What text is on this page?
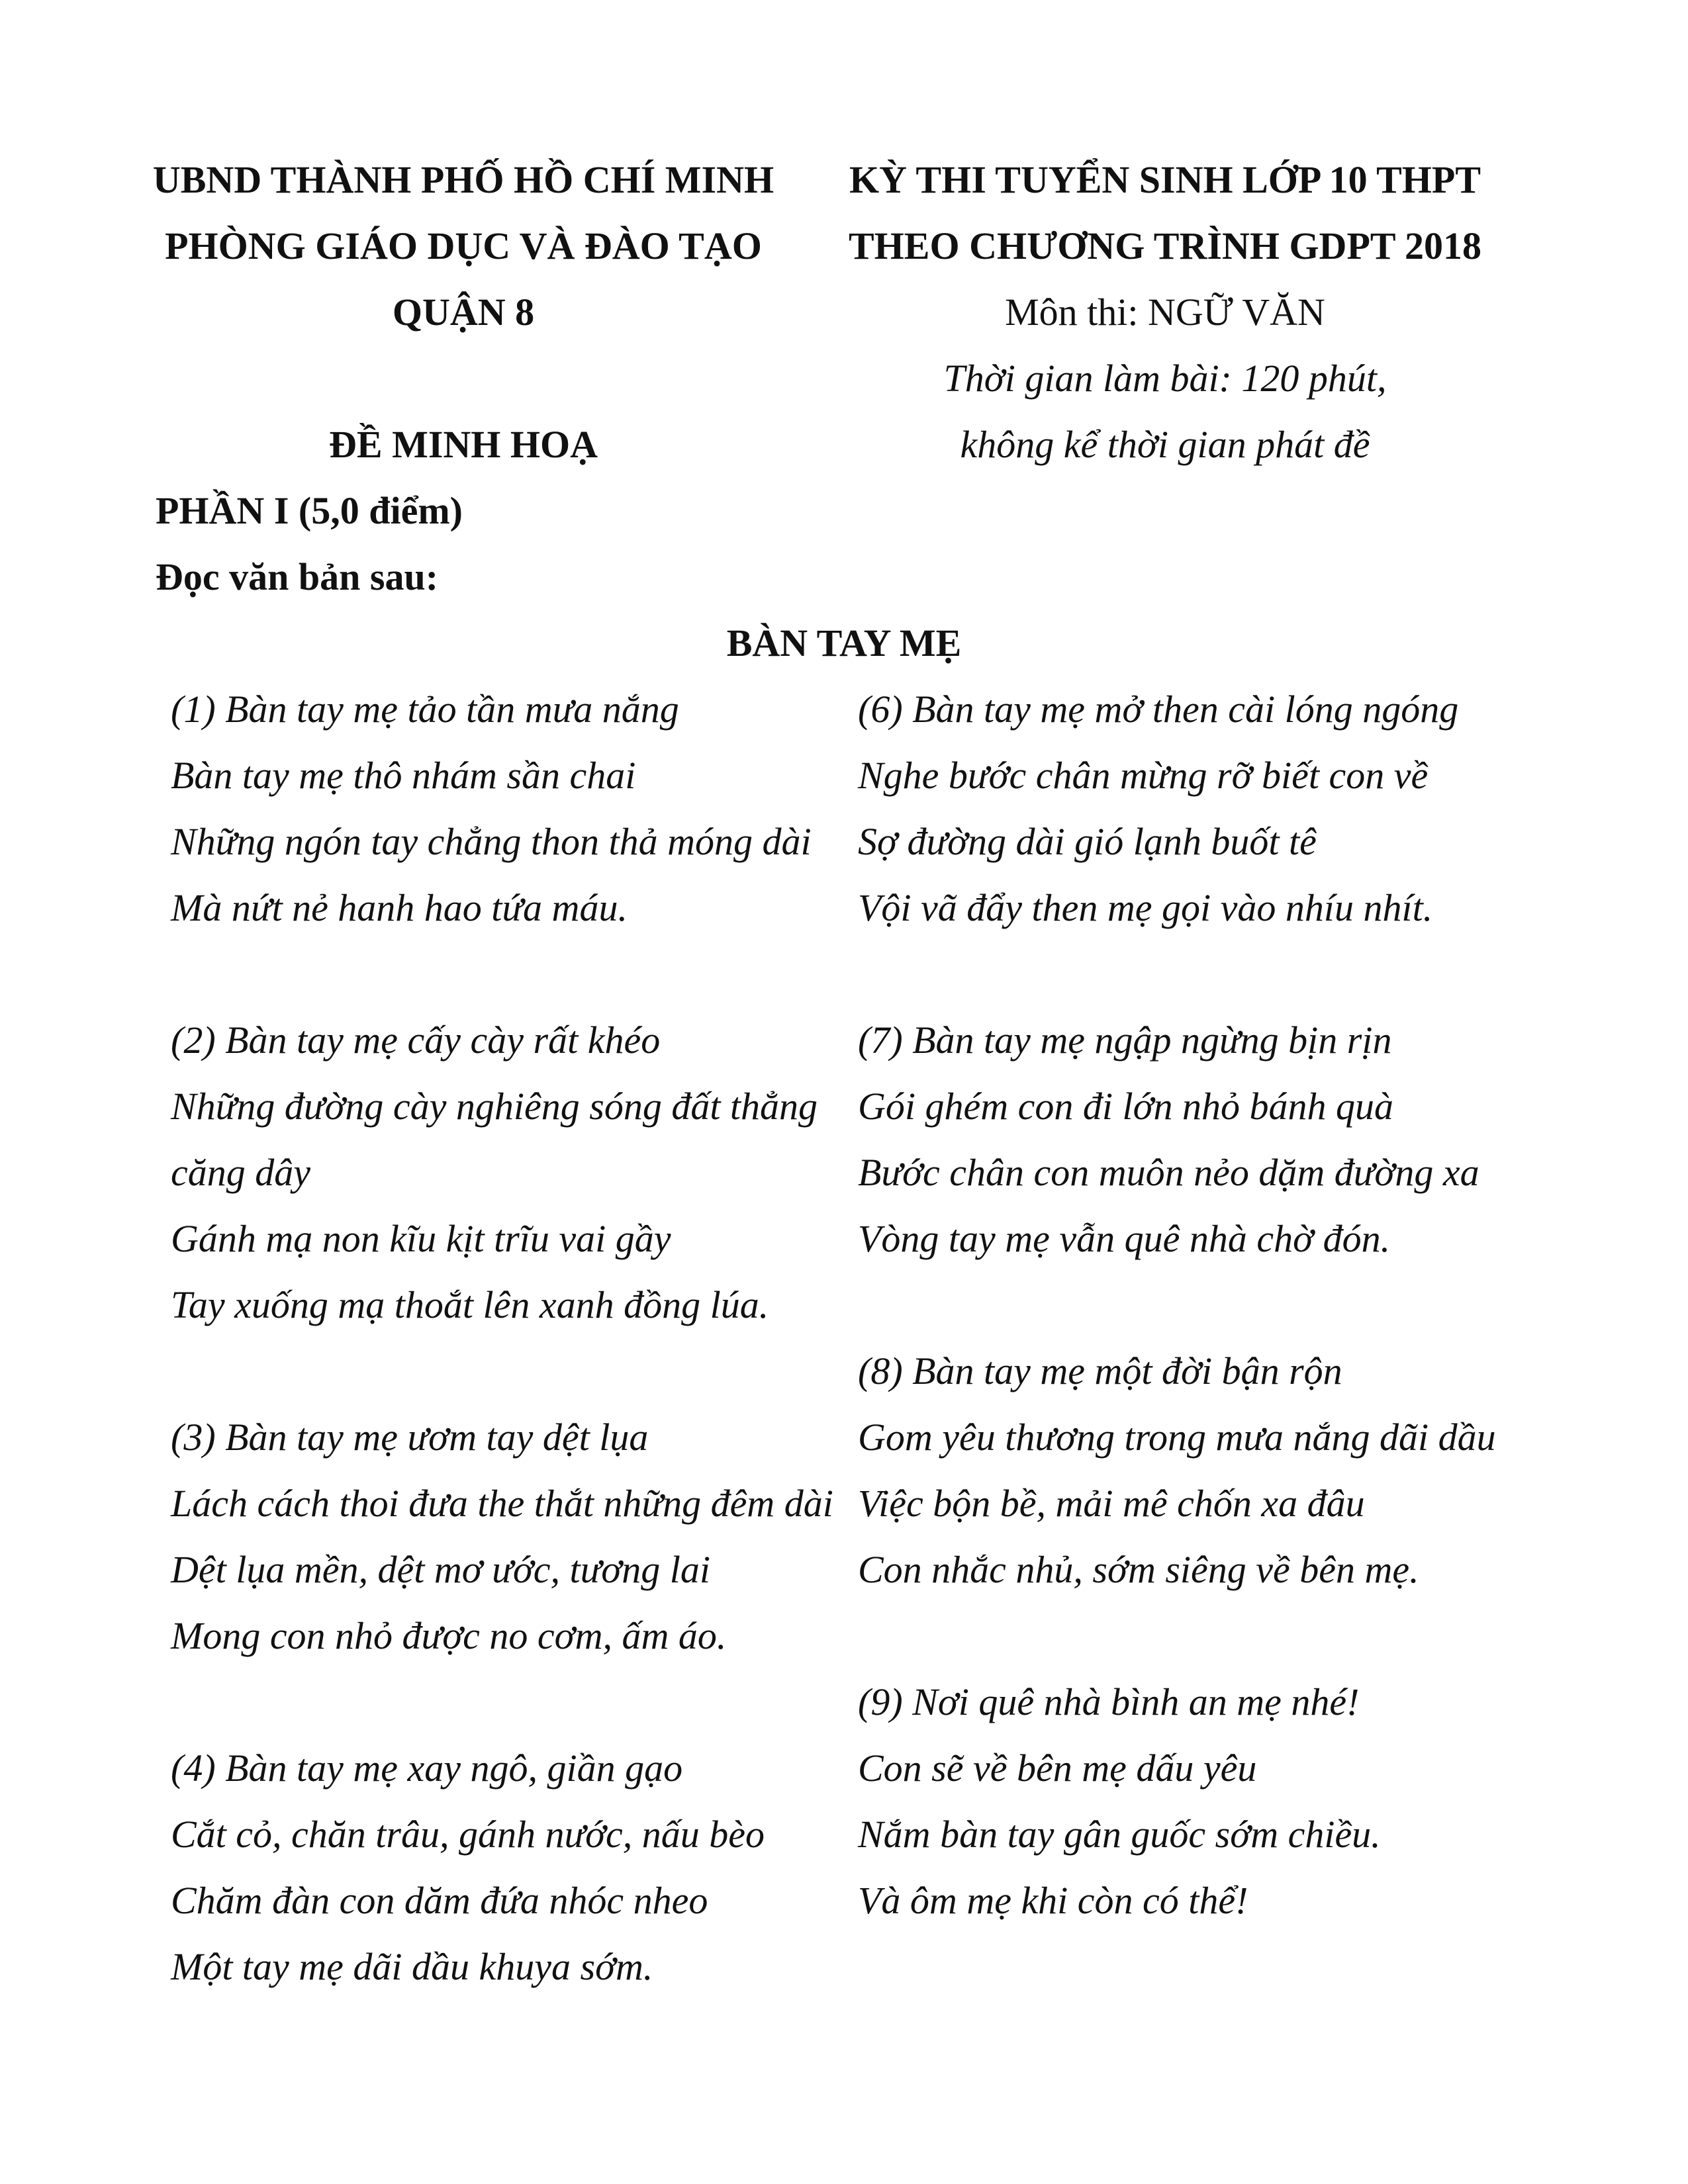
UBND THÀNH PHỐ HỒ CHÍ MINH
PHÒNG GIÁO DỤC VÀ ĐÀO TẠO
QUẬN 8
ĐỀ MINH HOẠ
KỲ THI TUYỂN SINH LỚP 10 THPT
THEO CHƯƠNG TRÌNH GDPT 2018
Môn thi: NGỮ VĂN
Thời gian làm bài: 120 phút,
không kể thời gian phát đề
PHẦN I (5,0 điểm)
Đọc văn bản sau:
BÀN TAY MẸ
(1) Bàn tay mẹ tảo tần mưa nắng
Bàn tay mẹ thô nhám sần chai
Những ngón tay chẳng thon thả móng dài
Mà nứt nẻ hanh hao tứa máu.
(2) Bàn tay mẹ cấy cày rất khéo
Những đường cày nghiêng sóng đất thẳng
căng dây
Gánh mạ non kĩu kịt trĩu vai gầy
Tay xuống mạ thoắt lên xanh đồng lúa.
(3) Bàn tay mẹ ươm tay dệt lụa
Lách cách thoi đưa the thắt những đêm dài
Dệt lụa mền, dệt mơ ước, tương lai
Mong con nhỏ được no cơm, ấm áo.
(4) Bàn tay mẹ xay ngô, giần gạo
Cắt cỏ, chăn trâu, gánh nước, nấu bèo
Chăm đàn con dăm đứa nhóc nheo
Một tay mẹ dãi dầu khuya sớm.
(6) Bàn tay mẹ mở then cài lóng ngóng
Nghe bước chân mừng rỡ biết con về
Sợ đường dài gió lạnh buốt tê
Vội vã đẩy then mẹ gọi vào nhíu nhít.
(7) Bàn tay mẹ ngập ngừng bịn rịn
Gói ghém con đi lớn nhỏ bánh quà
Bước chân con muôn nẻo dặm đường xa
Vòng tay mẹ vẫn quê nhà chờ đón.
(8) Bàn tay mẹ một đời bận rộn
Gom yêu thương trong mưa nắng dãi dầu
Việc bộn bề, mải mê chốn xa đâu
Con nhắc nhủ, sớm siêng về bên mẹ.
(9) Nơi quê nhà bình an mẹ nhé!
Con sẽ về bên mẹ dấu yêu
Nắm bàn tay gân guốc sớm chiều.
Và ôm mẹ khi còn có thể!
